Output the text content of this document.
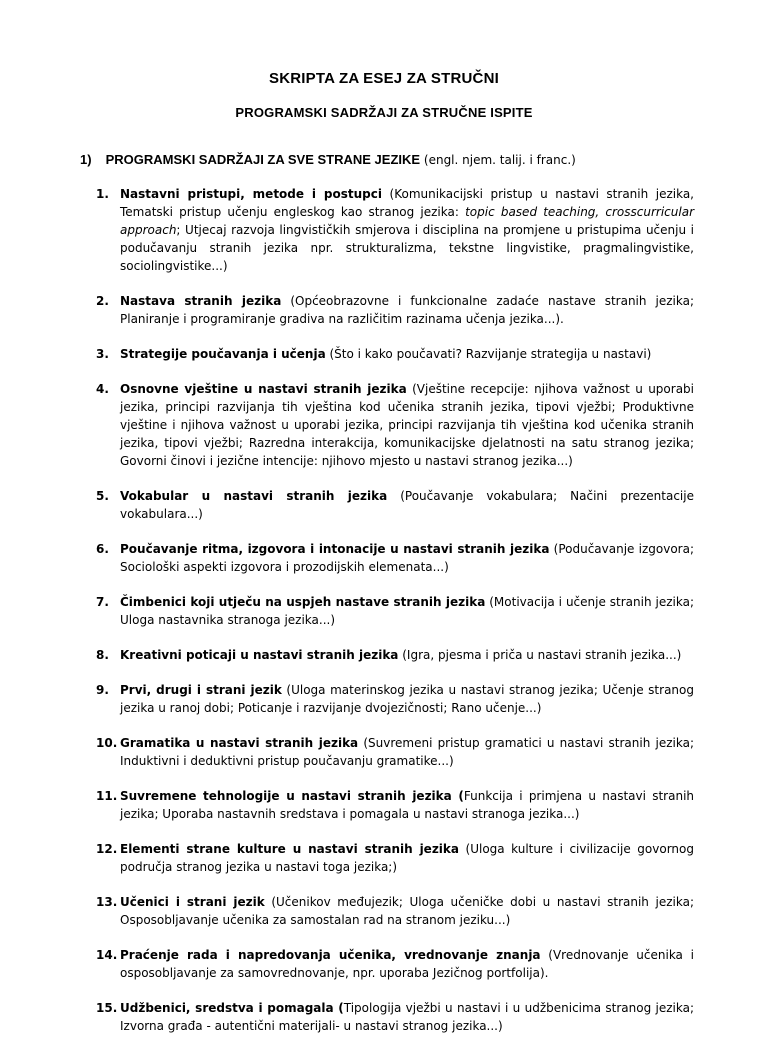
SKRIPTA ZA ESEJ ZA STRUČNI
PROGRAMSKI SADRŽAJI ZA STRUČNE ISPITE
1) PROGRAMSKI SADRŽAJI ZA SVE STRANE JEZIKE (engl. njem. talij. i franc.)
1. Nastavni pristupi, metode i postupci (Komunikacijski pristup u nastavi stranih jezika, Tematski pristup učenju engleskog kao stranog jezika: topic based teaching, crosscurricular approach; Utjecaj razvoja lingvističkih smjerova i disciplina na promjene u pristupima učenju i podučavanju stranih jezika npr. strukturalizma, tekstne lingvistike, pragmalingvistike, sociolingvistike...)
2. Nastava stranih jezika (Općeobrazovne i funkcionalne zadaće nastave stranih jezika; Planiranje i programiranje gradiva na različitim razinama učenja jezika...).
3. Strategije poučavanja i učenja (Što i kako poučavati? Razvijanje strategija u nastavi)
4. Osnovne vještine u nastavi stranih jezika (Vještine recepcije: njihova važnost u uporabi jezika, principi razvijanja tih vještina kod učenika stranih jezika, tipovi vježbi; Produktivne vještine i njihova važnost u uporabi jezika, principi razvijanja tih vještina kod učenika stranih jezika, tipovi vježbi; Razredna interakcija, komunikacijske djelatnosti na satu stranog jezika; Govorni činovi i jezične intencije: njihovo mjesto u nastavi stranog jezika...)
5. Vokabular u nastavi stranih jezika (Poučavanje vokabulara; Načini prezentacije vokabulara...)
6. Poučavanje ritma, izgovora i intonacije u nastavi stranih jezika (Podučavanje izgovora; Sociološki aspekti izgovora i prozodijskih elemenata...)
7. Čimbenici koji utječu na uspjeh nastave stranih jezika (Motivacija i učenje stranih jezika; Uloga nastavnika stranoga jezika...)
8. Kreativni poticaji u nastavi stranih jezika (Igra, pjesma i priča u nastavi stranih jezika...)
9. Prvi, drugi i strani jezik (Uloga materinskog jezika u nastavi stranog jezika; Učenje stranog jezika u ranoj dobi; Poticanje i razvijanje dvojezičnosti; Rano učenje...)
10. Gramatika u nastavi stranih jezika (Suvremeni pristup gramatici u nastavi stranih jezika; Induktivni i deduktivni pristup poučavanju gramatike...)
11. Suvremene tehnologije u nastavi stranih jezika (Funkcija i primjena u nastavi stranih jezika; Uporaba nastavnih sredstava i pomagala u nastavi stranoga jezika...)
12. Elementi strane kulture u nastavi stranih jezika (Uloga kulture i civilizacije govornog područja stranog jezika u nastavi toga jezika;)
13. Učenici i strani jezik (Učenikov međujezik; Uloga učeničke dobi u nastavi stranih jezika; Osposobljavanje učenika za samostalan rad na stranom jeziku...)
14. Praćenje rada i napredovanja učenika, vrednovanje znanja (Vrednovanje učenika i osposobljavanje za samovrednovanje, npr. uporaba Jezičnog portfolija).
15. Udžbenici, sredstva i pomagala (Tipologija vježbi u nastavi i u udžbenicima stranog jezika; Izvorna građa - autentični materijali- u nastavi stranog jezika...)
